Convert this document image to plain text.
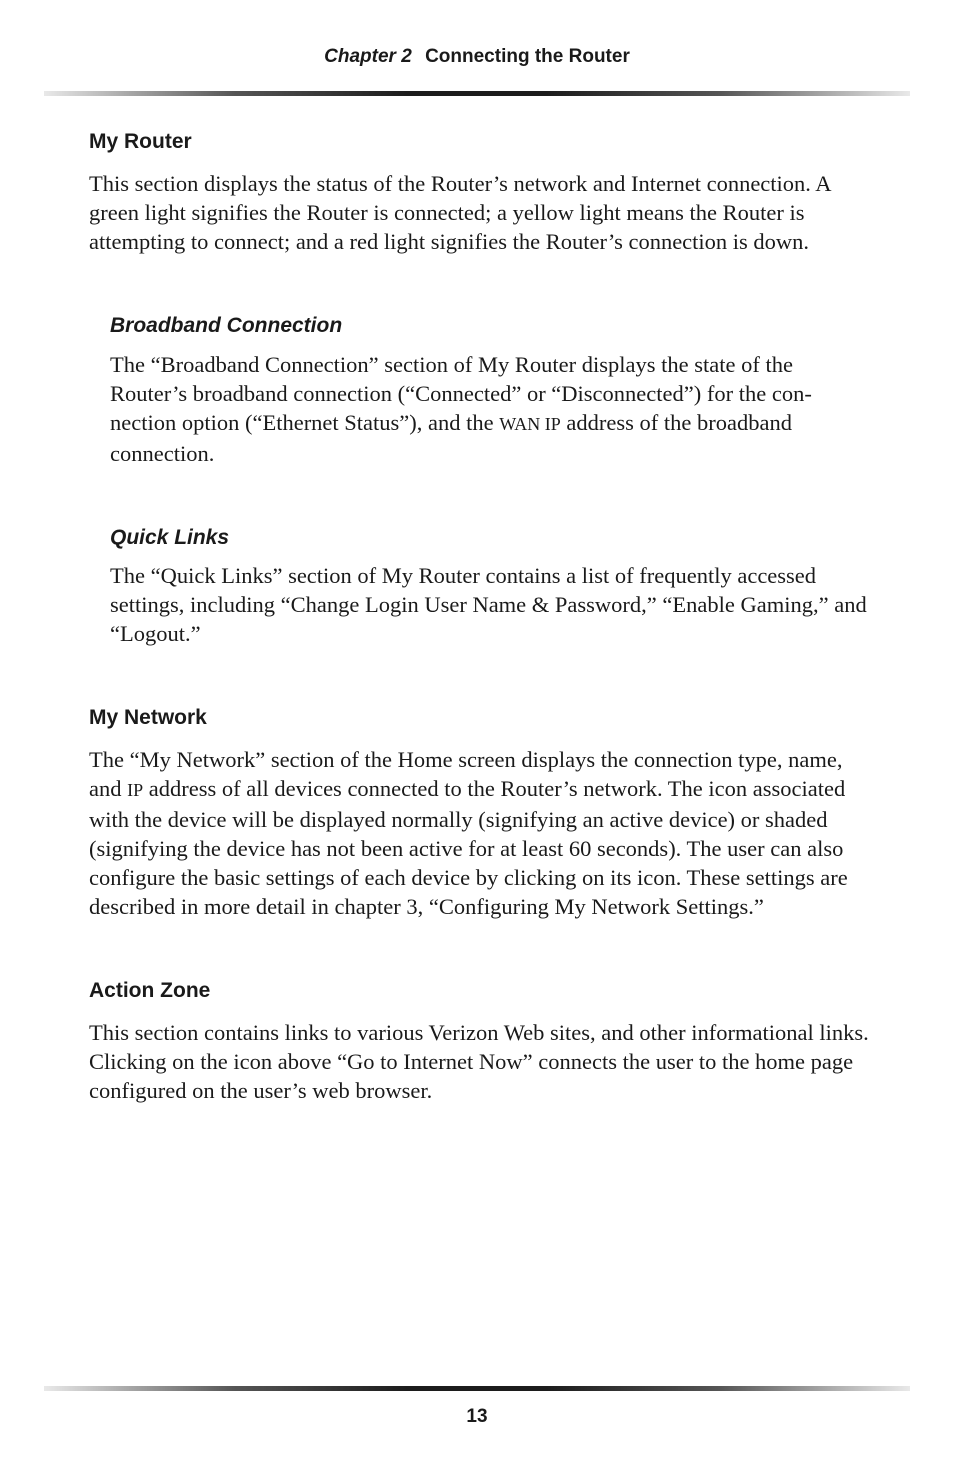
Chapter 2 Connecting the Router
My Router

This section displays the status of the Router’s network and Internet connection. A green light signifies the Router is connected; a yellow light means the Router is attempting to connect; and a red light signifies the Router’s connection is down.

Broadband Connection

The “Broadband Connection” section of My Router displays the state of the Router’s broadband connection (“Connected” or “Disconnected”) for the con-nection option (“Ethernet Status”), and the WAN IP address of the broadband connection.

Quick Links

The “Quick Links” section of My Router contains a list of frequently accessed settings, including “Change Login User Name & Password,” “Enable Gaming,” and “Logout.”

My Network

The “My Network” section of the Home screen displays the connection type, name, and IP address of all devices connected to the Router’s network. The icon associated with the device will be displayed normally (signifying an active device) or shaded (signifying the device has not been active for at least 60 seconds). The user can also configure the basic settings of each device by clicking on its icon. These settings are described in more detail in chapter 3, “Configuring My Network Settings.”

Action Zone

This section contains links to various Verizon Web sites, and other informational links. Clicking on the icon above “Go to Internet Now” connects the user to the home page configured on the user’s web browser.

13
